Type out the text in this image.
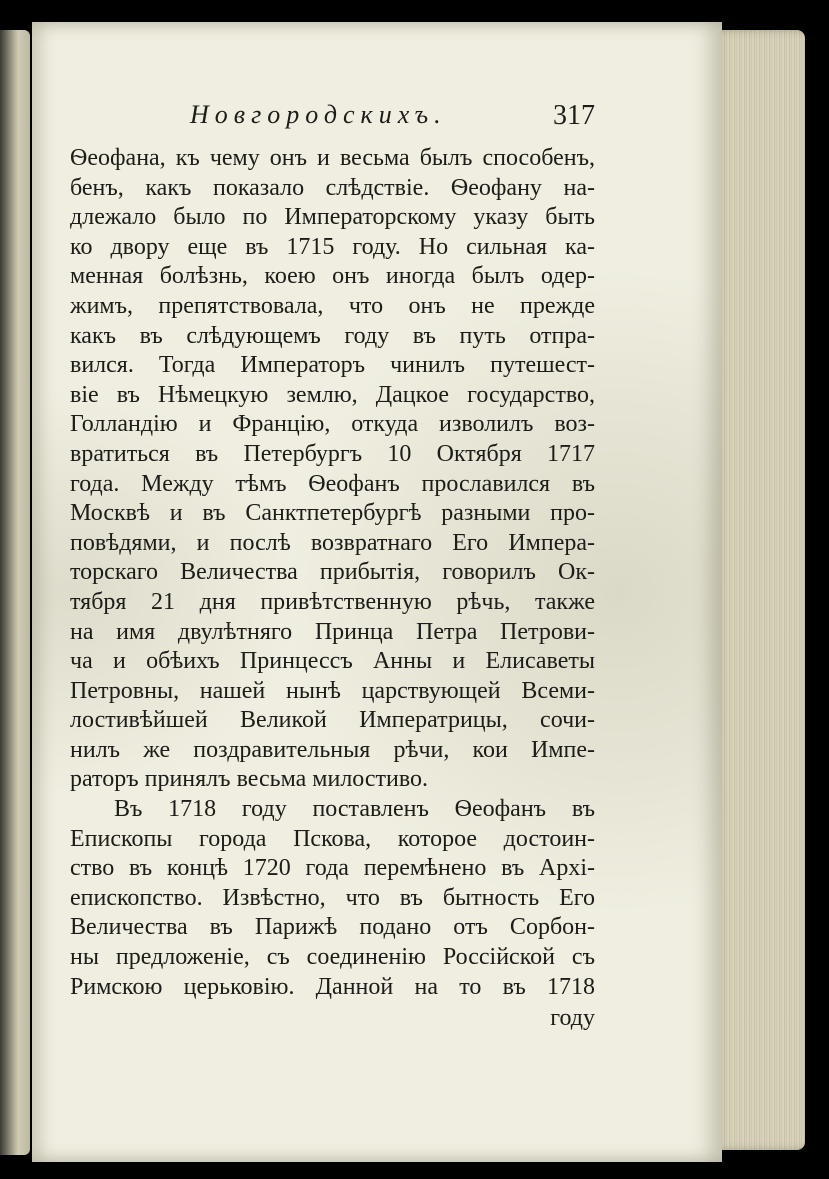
Новгородскихъ.	317
Ѳеофана, къ чему онъ и весьма былъ способенъ,
бенъ, какъ показало слѣдствіе. Ѳеофану на-
длежало было по Императорскому указу быть
ко двору еще въ 1715 году. Но сильная ка-
менная болѣзнь, коею онъ иногда былъ одер-
жимъ, препятствовала, что онъ не прежде
какъ въ слѣдующемъ году въ путь отпра-
вился. Тогда Императоръ чинилъ путешест-
віе въ Нѣмецкую землю, Дацкое государство,
Голландію и Францію, откуда изволилъ воз-
вратиться въ Петербургъ 10 Октября 1717
года. Между тѣмъ Ѳеофанъ прославился въ
Москвѣ и въ Санктпетербургѣ разными про-
повѣдями, и послѣ возвратнаго Его Импера-
торскаго Величества прибытія, говорилъ Ок-
тября 21 дня привѣтственную рѣчь, также
на имя двулѣтняго Принца Петра Петрови-
ча и обѣихъ Принцессъ Анны и Елисаветы
Петровны, нашей нынѣ царствующей Всеми-
лостивѣйшей Великой Императрицы, сочи-
нилъ же поздравительныя рѣчи, кои Импе-
раторъ принялъ весьма милостиво.
Въ 1718 году поставленъ Ѳеофанъ въ
Епископы города Пскова, которое достоин-
ство въ концѣ 1720 года перемѣнено въ Архі-
епископство. Извѣстно, что въ бытность Его
Величества въ Парижѣ подано отъ Сорбон-
ны предложеніе, съ соединенію Россійской съ
Римскою церьковію. Данной на то въ 1718
году
